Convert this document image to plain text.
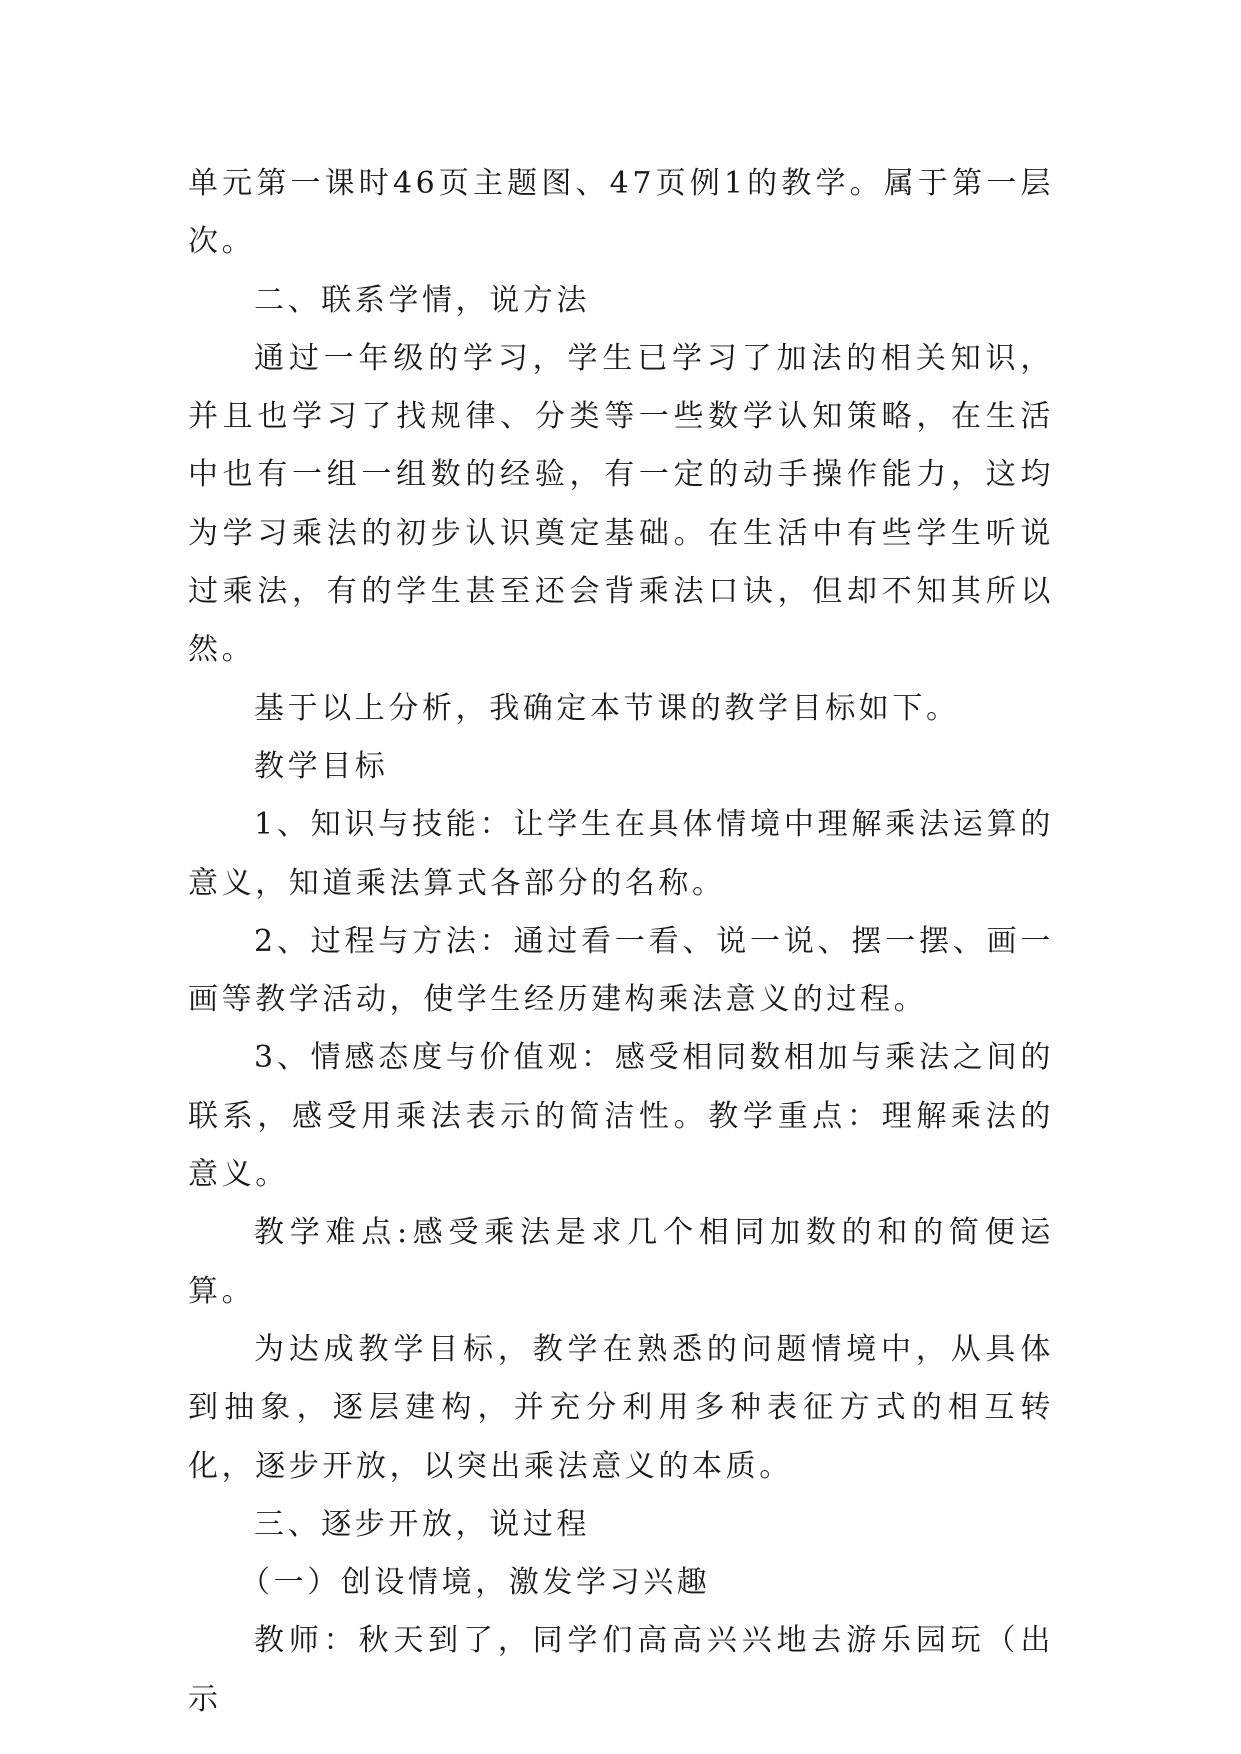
单元第一课时46页主题图、47页例1的教学。属于第一层次。

二、联系学情，说方法

通过一年级的学习，学生已学习了加法的相关知识，并且也学习了找规律、分类等一些数学认知策略，在生活中也有一组一组数的经验，有一定的动手操作能力，这均为学习乘法的初步认识奠定基础。在生活中有些学生听说过乘法，有的学生甚至还会背乘法口诀，但却不知其所以然。

基于以上分析，我确定本节课的教学目标如下。

教学目标

1、知识与技能：让学生在具体情境中理解乘法运算的意义，知道乘法算式各部分的名称。

2、过程与方法：通过看一看、说一说、摆一摆、画一画等教学活动，使学生经历建构乘法意义的过程。

3、情感态度与价值观：感受相同数相加与乘法之间的联系，感受用乘法表示的简洁性。教学重点：理解乘法的意义。

教学难点:感受乘法是求几个相同加数的和的简便运算。

为达成教学目标，教学在熟悉的问题情境中，从具体到抽象，逐层建构，并充分利用多种表征方式的相互转化，逐步开放，以突出乘法意义的本质。

三、逐步开放，说过程

（一）创设情境，激发学习兴趣

教师：秋天到了，同学们高高兴兴地去游乐园玩（出示
